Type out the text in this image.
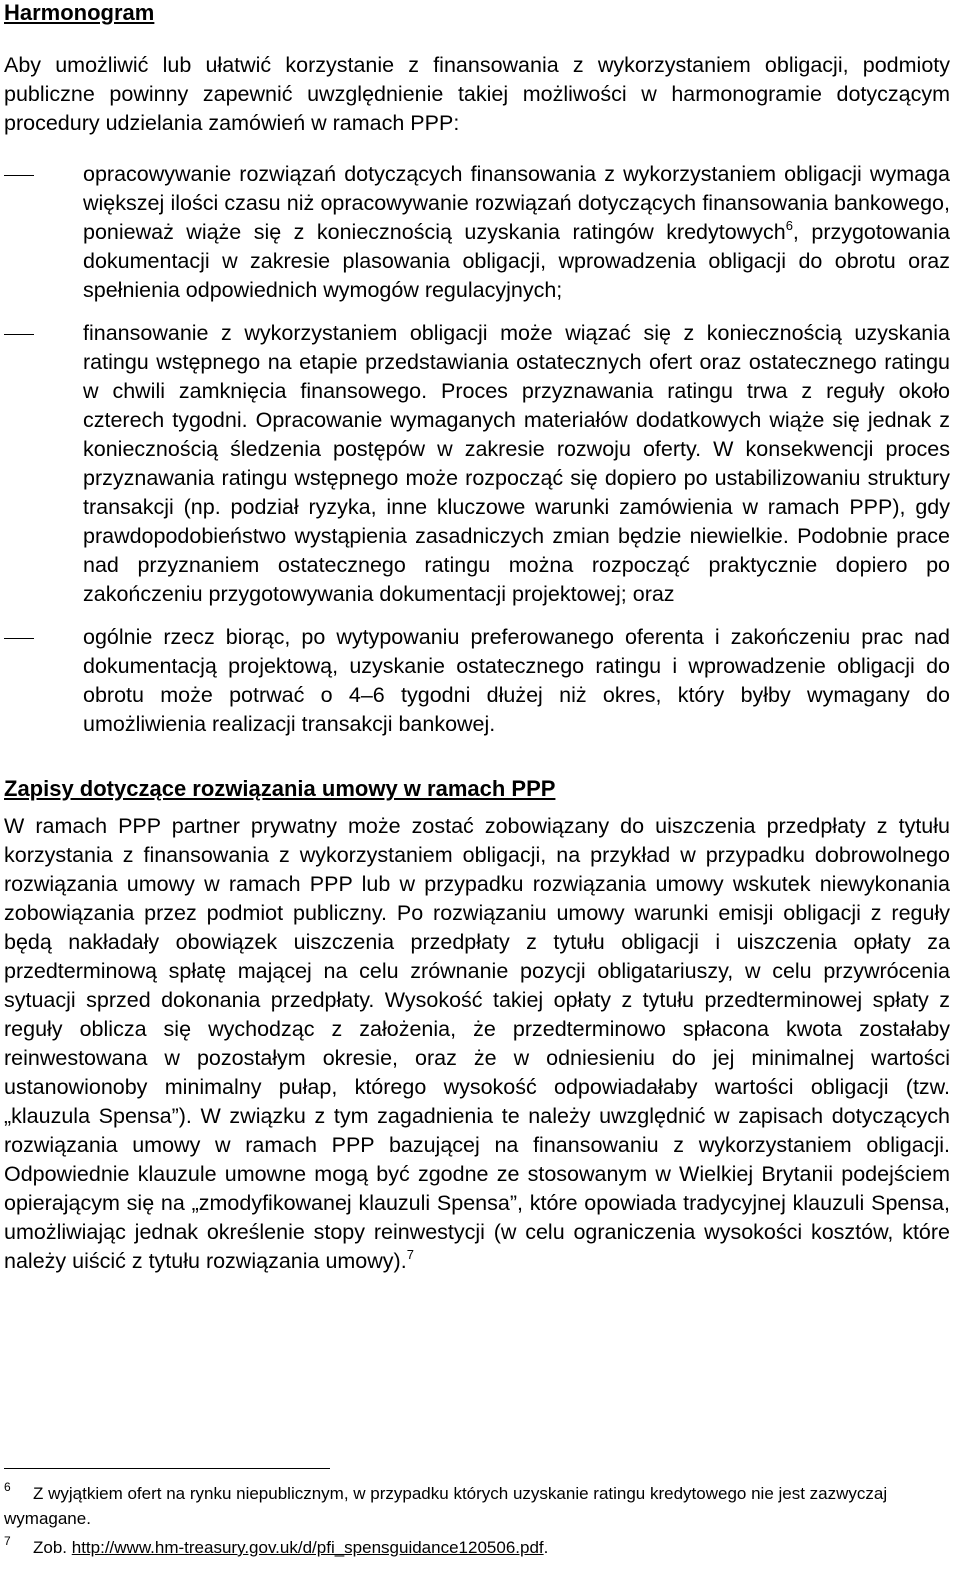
Harmonogram

Aby umożliwić lub ułatwić korzystanie z finansowania z wykorzystaniem obligacji, podmioty publiczne powinny zapewnić uwzględnienie takiej możliwości w harmonogramie dotyczącym procedury udzielania zamówień w ramach PPP:

opracowywanie rozwiązań dotyczących finansowania z wykorzystaniem obligacji wymaga większej ilości czasu niż opracowywanie rozwiązań dotyczących finansowania bankowego, ponieważ wiąże się z koniecznością uzyskania ratingów kredytowych$^6$, przygotowania dokumentacji w zakresie plasowania obligacji, wprowadzenia obligacji do obrotu oraz spełnienia odpowiednich wymogów regulacyjnych;
finansowanie z wykorzystaniem obligacji może wiązać się z koniecznością uzyskania ratingu wstępnego na etapie przedstawiania ostatecznych ofert oraz ostatecznego ratingu w chwili zamknięcia finansowego. Proces przyznawania ratingu trwa z reguły około czterech tygodni. Opracowanie wymaganych materiałów dodatkowych wiąże się jednak z koniecznością śledzenia postępów w zakresie rozwoju oferty. W konsekwencji proces przyznawania ratingu wstępnego może rozpocząć się dopiero po ustabilizowaniu struktury transakcji (np. podział ryzyka, inne kluczowe warunki zamówienia w ramach PPP), gdy prawdopodobieństwo wystąpienia zasadniczych zmian będzie niewielkie. Podobnie prace nad przyznaniem ostatecznego ratingu można rozpocząć praktycznie dopiero po zakończeniu przygotowywania dokumentacji projektowej; oraz
ogólnie rzecz biorąc, po wytypowaniu preferowanego oferenta i zakończeniu prac nad dokumentacją projektową, uzyskanie ostatecznego ratingu i wprowadzenie obligacji do obrotu może potrwać o 4–6 tygodni dłużej niż okres, który byłby wymagany do umożliwienia realizacji transakcji bankowej.
Zapisy dotyczące rozwiązania umowy w ramach PPP

W ramach PPP partner prywatny może zostać zobowiązany do uiszczenia przedpłaty z tytułu korzystania z finansowania z wykorzystaniem obligacji, na przykład w przypadku dobrowolnego rozwiązania umowy w ramach PPP lub w przypadku rozwiązania umowy wskutek niewykonania zobowiązania przez podmiot publiczny. Po rozwiązaniu umowy warunki emisji obligacji z reguły będą nakładały obowiązek uiszczenia przedpłaty z tytułu obligacji i uiszczenia opłaty za przedterminową spłatę mającej na celu zrównanie pozycji obligatariuszy, w celu przywrócenia sytuacji sprzed dokonania przedpłaty. Wysokość takiej opłaty z tytułu przedterminowej spłaty z reguły oblicza się wychodząc z założenia, że przedterminowo spłacona kwota zostałaby reinwestowana w pozostałym okresie, oraz że w odniesieniu do jej minimalnej wartości ustanowionoby minimalny pułap, którego wysokość odpowiadałaby wartości obligacji (tzw. „klauzula Spensa”). W związku z tym zagadnienia te należy uwzględnić w zapisach dotyczących rozwiązania umowy w ramach PPP bazującej na finansowaniu z wykorzystaniem obligacji. Odpowiednie klauzule umowne mogą być zgodne ze stosowanym w Wielkiej Brytanii podejściem opierającym się na „zmodyfikowanej klauzuli Spensa”, które opowiada tradycyjnej klauzuli Spensa, umożliwiając jednak określenie stopy reinwestycji (w celu ograniczenia wysokości kosztów, które należy uiścić z tytułu rozwiązania umowy).$^7$

6 Z wyjątkiem ofert na rynku niepublicznym, w przypadku których uzyskanie ratingu kredytowego nie jest zazwyczaj wymagane.

7 Zob. http://www.hm-treasury.gov.uk/d/pfi_spensguidance120506.pdf.
